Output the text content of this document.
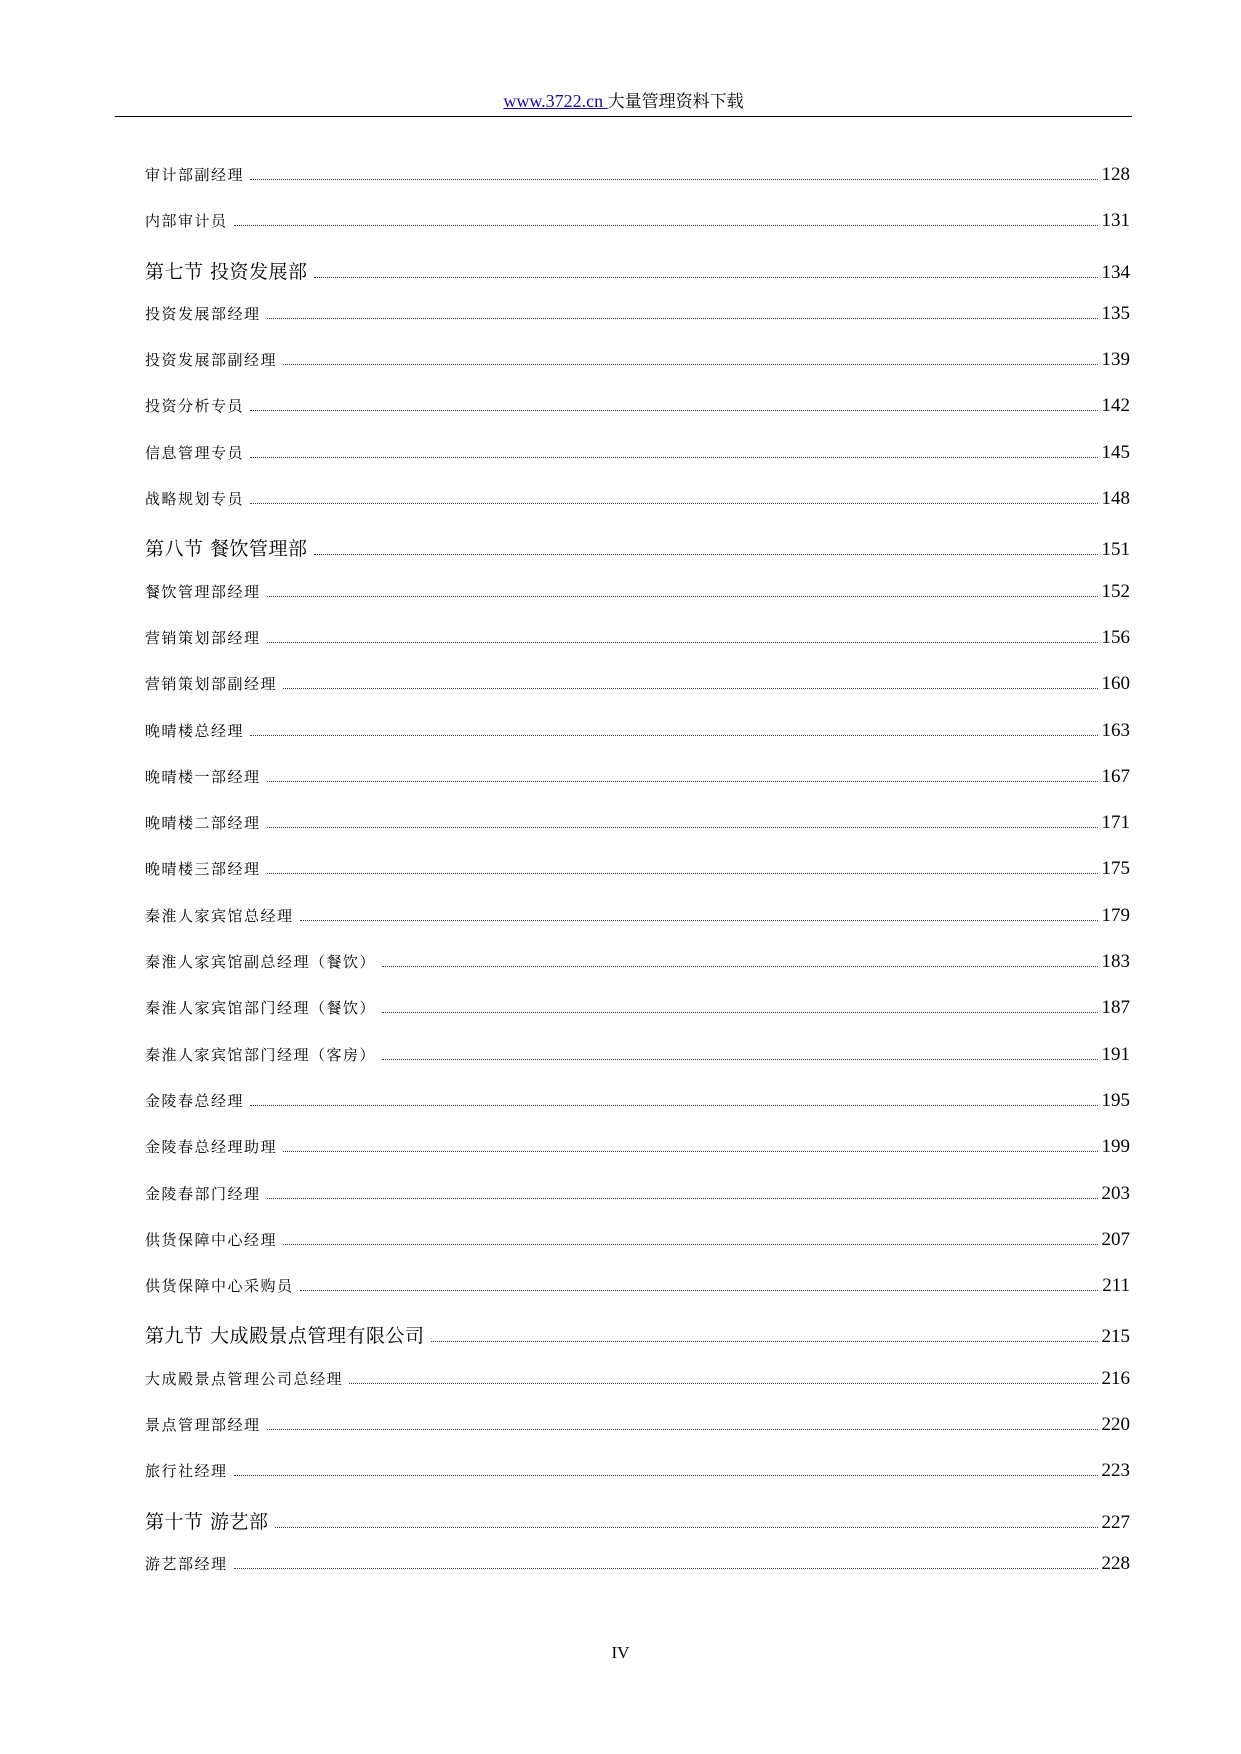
www.3722.cn 大量管理资料下载
审计部副经理	128
内部审计员	131
第七节 投资发展部	134
投资发展部经理	135
投资发展部副经理	139
投资分析专员	142
信息管理专员	145
战略规划专员	148
第八节 餐饮管理部	151
餐饮管理部经理	152
营销策划部经理	156
营销策划部副经理	160
晚晴楼总经理	163
晚晴楼一部经理	167
晚晴楼二部经理	171
晚晴楼三部经理	175
秦淮人家宾馆总经理	179
秦淮人家宾馆副总经理（餐饮）	183
秦淮人家宾馆部门经理（餐饮）	187
秦淮人家宾馆部门经理（客房）	191
金陵春总经理	195
金陵春总经理助理	199
金陵春部门经理	203
供货保障中心经理	207
供货保障中心采购员	211
第九节 大成殿景点管理有限公司	215
大成殿景点管理公司总经理	216
景点管理部经理	220
旅行社经理	223
第十节 游艺部	227
游艺部经理	228
IV
